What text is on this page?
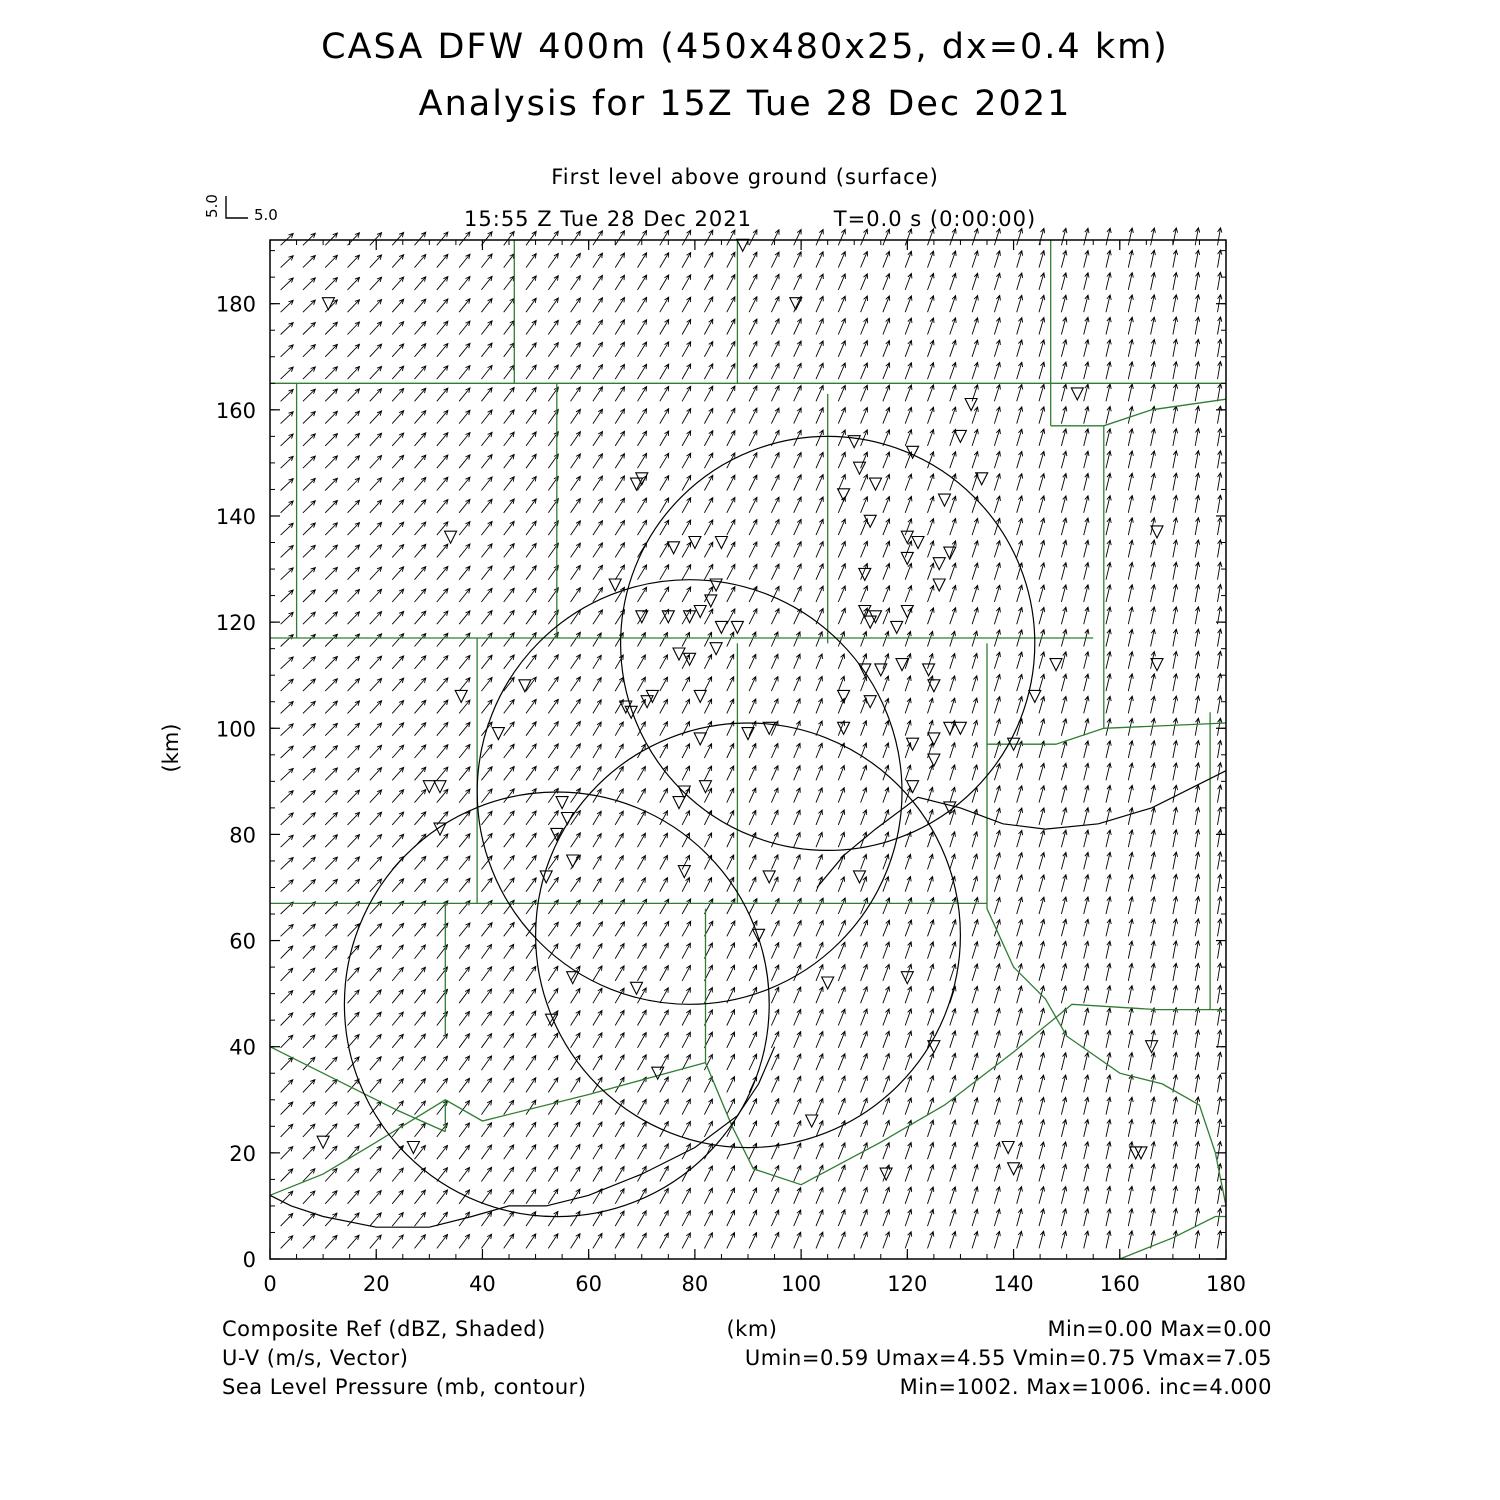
CASA DFW 400m (450x480x25, dx=0.4 km)
Analysis for 15Z Tue 28 Dec 2021
First level above ground (surface)
15:55 Z Tue 28 Dec 2021	T=0.0 s (0:00:00)
5.0 5.0
0	20	40	60	80	100	120	140	160	180
0
20
40
60
80
100
120
140
160
180
(km)
(km)
Composite Ref (dBZ, Shaded)	Min=0.00 Max=0.00
U-V (m/s, Vector)	Umin=0.59 Umax=4.55 Vmin=0.75 Vmax=7.05
Sea Level Pressure (mb, contour)	Min=1002. Max=1006. inc=4.000
